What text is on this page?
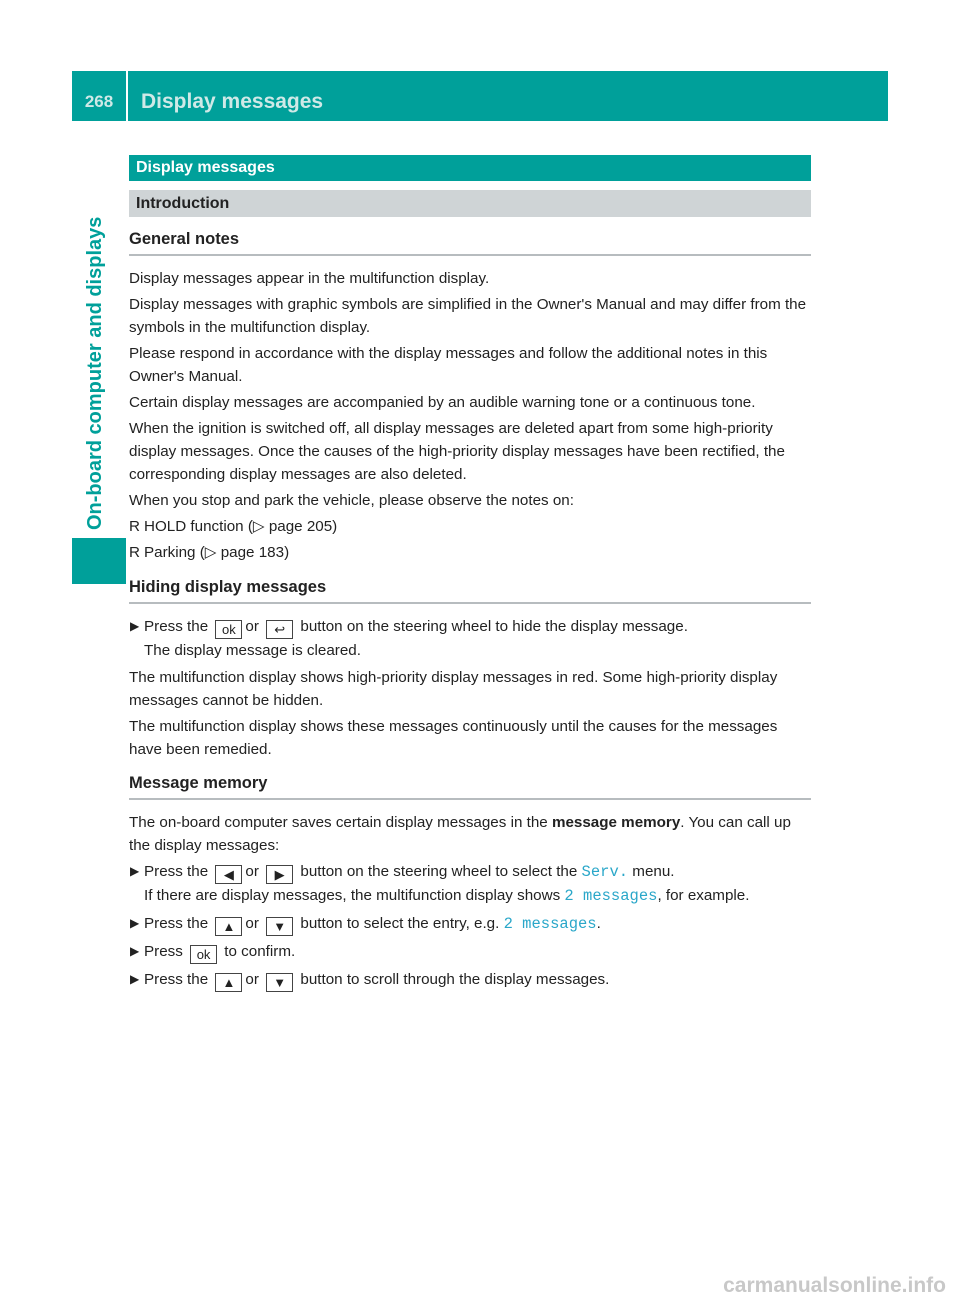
268	Display messages
On-board computer and displays
Display messages
Introduction
General notes

Display messages appear in the multifunction display.

Display messages with graphic symbols are simplified in the Owner's Manual and may differ from the symbols in the multifunction display.

Please respond in accordance with the display messages and follow the additional notes in this Owner's Manual.

Certain display messages are accompanied by an audible warning tone or a continuous tone.

When the ignition is switched off, all display messages are deleted apart from some high-priority display messages. Once the causes of the high-priority display messages have been rectified, the corresponding display messages are also deleted.

When you stop and park the vehicle, please observe the notes on:

R HOLD function (▷ page 205)
R Parking (▷ page 183)
Hiding display messages
▶ Press the ok or ↩ button on the steering wheel to hide the display message.
The display message is cleared.

The multifunction display shows high-priority display messages in red. Some high-priority display messages cannot be hidden.

The multifunction display shows these messages continuously until the causes for the messages have been remedied.

Message memory

The on-board computer saves certain display messages in the message memory. You can call up the display messages:

▶ Press the ◀ or ▶ button on the steering wheel to select the Serv. menu.
If there are display messages, the multifunction display shows 2 messages, for example.
▶ Press the ▲ or ▼ button to select the entry, e.g. 2 messages.
▶ Press ok to confirm.
▶ Press the ▲ or ▼ button to scroll through the display messages.
carmanualsonline.info
